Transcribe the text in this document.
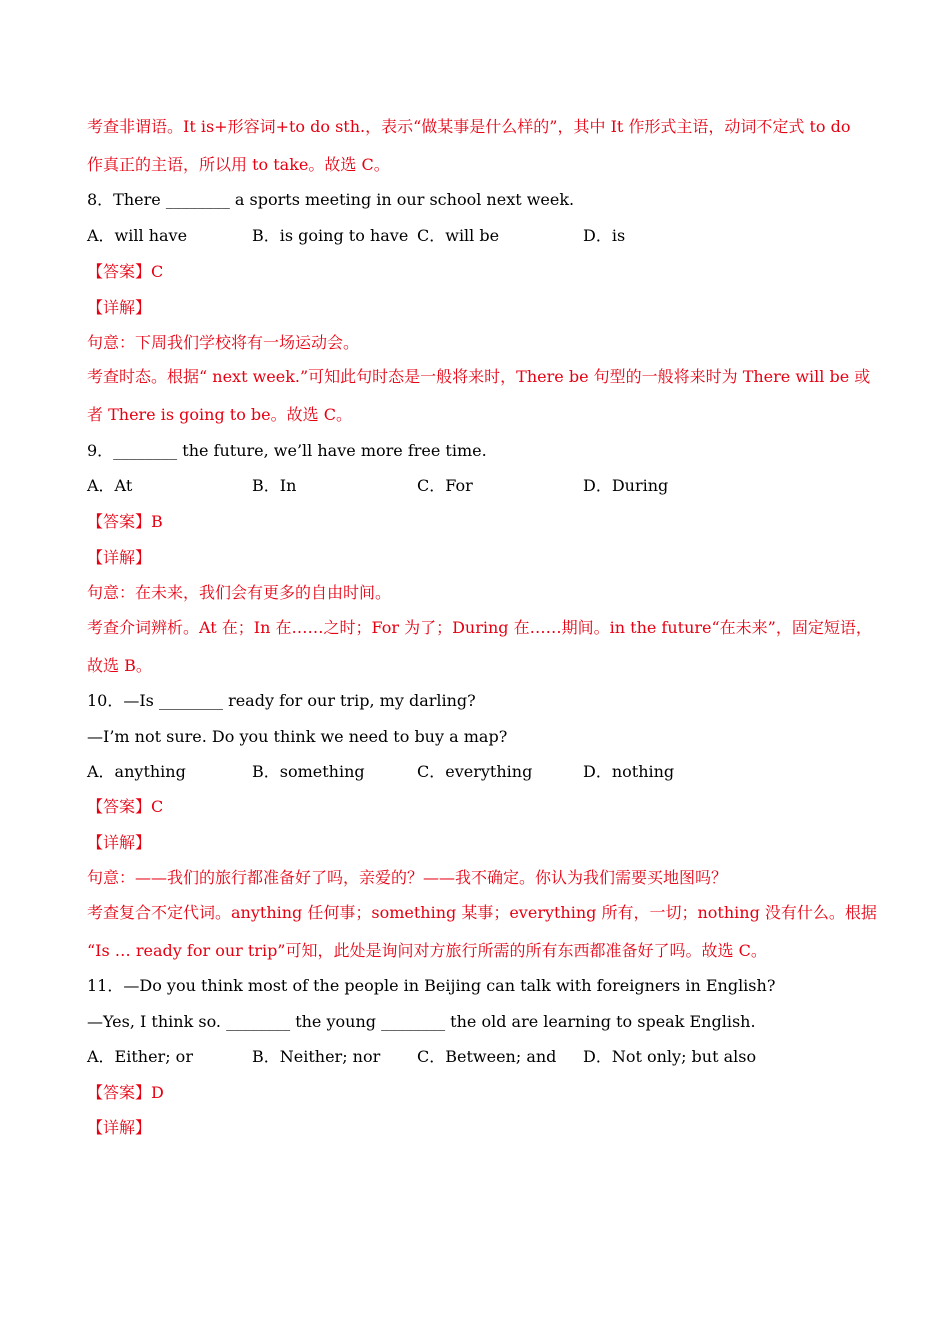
考查非谓语。It is+形容词+to do sth.，表示“做某事是什么样的”，其中 It 作形式主语，动词不定式 to do
作真正的主语，所以用 to take。故选 C。
8．There ________ a sports meeting in our school next week.
A．will have	B．is going to have C．will be	D．is
【答案】C
【详解】
句意：下周我们学校将有一场运动会。
考查时态。根据“ next week.”可知此句时态是一般将来时，There be 句型的一般将来时为 There will be 或
者 There is going to be。故选 C。
9．________ the future, we’ll have more free time.
A．At	B．In	C．For	D．During
【答案】B
【详解】
句意：在未来，我们会有更多的自由时间。
考查介词辨析。At 在；In 在……之时；For 为了；During 在……期间。in the future“在未来”，固定短语，
故选 B。
10．—Is ________ ready for our trip, my darling?
—I’m not sure. Do you think we need to buy a map?
A．anything	B．something	C．everything	D．nothing
【答案】C
【详解】
句意：——我们的旅行都准备好了吗，亲爱的？——我不确定。你认为我们需要买地图吗？
考查复合不定代词。anything 任何事；something 某事；everything 所有，一切；nothing 没有什么。根据
“Is … ready for our trip”可知，此处是询问对方旅行所需的所有东西都准备好了吗。故选 C。
11．—Do you think most of the people in Beijing can talk with foreigners in English?
—Yes, I think so. ________ the young ________ the old are learning to speak English.
A．Either; or	B．Neither; nor C．Between; and D．Not only; but also
【答案】D
【详解】
